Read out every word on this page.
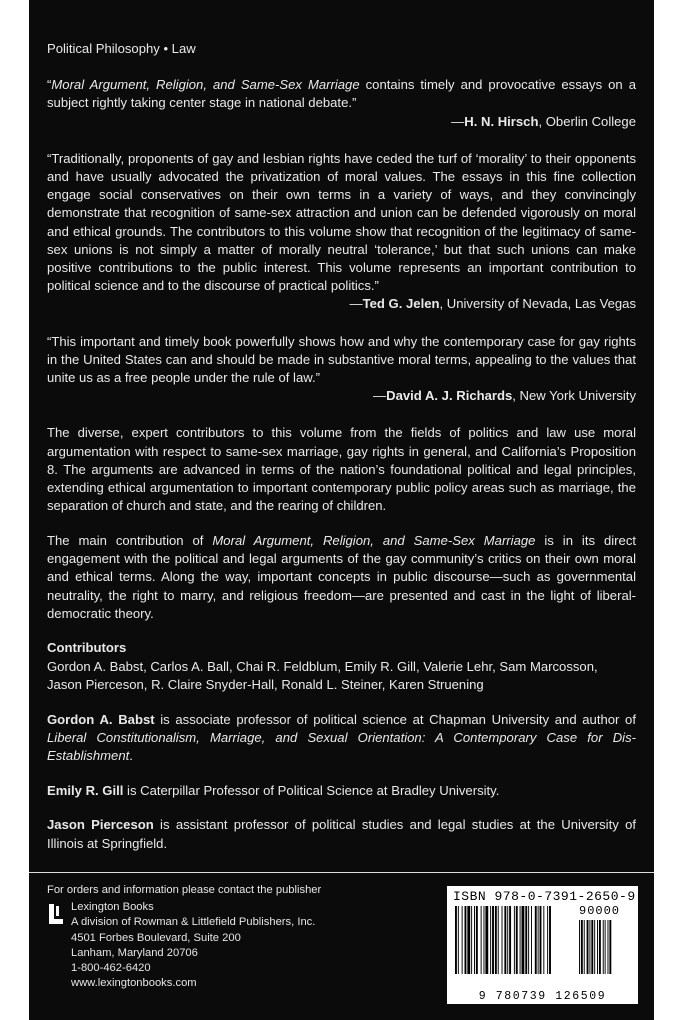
Political Philosophy • Law

“Moral Argument, Religion, and Same-Sex Marriage contains timely and provocative essays on a subject rightly taking center stage in national debate.”

—H. N. Hirsch, Oberlin College

“Traditionally, proponents of gay and lesbian rights have ceded the turf of ‘morality’ to their opponents and have usually advocated the privatization of moral values. The essays in this fine collection engage social conservatives on their own terms in a variety of ways, and they convincingly demonstrate that recognition of same-sex attraction and union can be defended vigorously on moral and ethical grounds. The contributors to this volume show that recognition of the legitimacy of same-sex unions is not simply a matter of morally neutral ‘tolerance,’ but that such unions can make positive contributions to the public interest. This volume represents an important contribution to political science and to the discourse of practical politics.”

—Ted G. Jelen, University of Nevada, Las Vegas

“This important and timely book powerfully shows how and why the contemporary case for gay rights in the United States can and should be made in substantive moral terms, appealing to the values that unite us as a free people under the rule of law.”

—David A. J. Richards, New York University

The diverse, expert contributors to this volume from the fields of politics and law use moral argumentation with respect to same-sex marriage, gay rights in general, and California’s Proposition 8. The arguments are advanced in terms of the nation’s foundational political and legal principles, extending ethical argumentation to important contemporary public policy areas such as marriage, the separation of church and state, and the rearing of children.

The main contribution of Moral Argument, Religion, and Same-Sex Marriage is in its direct engagement with the political and legal arguments of the gay community’s critics on their own moral and ethical terms. Along the way, important concepts in public discourse—such as governmental neutrality, the right to marry, and religious freedom—are presented and cast in the light of liberal-democratic theory.

Contributors

Gordon A. Babst, Carlos A. Ball, Chai R. Feldblum, Emily R. Gill, Valerie Lehr, Sam Marcosson, Jason Pierceson, R. Claire Snyder-Hall, Ronald L. Steiner, Karen Struening

Gordon A. Babst is associate professor of political science at Chapman University and author of Liberal Constitutionalism, Marriage, and Sexual Orientation: A Contemporary Case for Dis-Establishment.

Emily R. Gill is Caterpillar Professor of Political Science at Bradley University.

Jason Pierceson is assistant professor of political studies and legal studies at the University of Illinois at Springfield.

For orders and information please contact the publisher
Lexington Books
A division of Rowman & Littlefield Publishers, Inc.
4501 Forbes Boulevard, Suite 200
Lanham, Maryland 20706
1-800-462-6420
www.lexingtonbooks.com
ISBN 978-0-7391-2650-9
90000
9 780739 126509
